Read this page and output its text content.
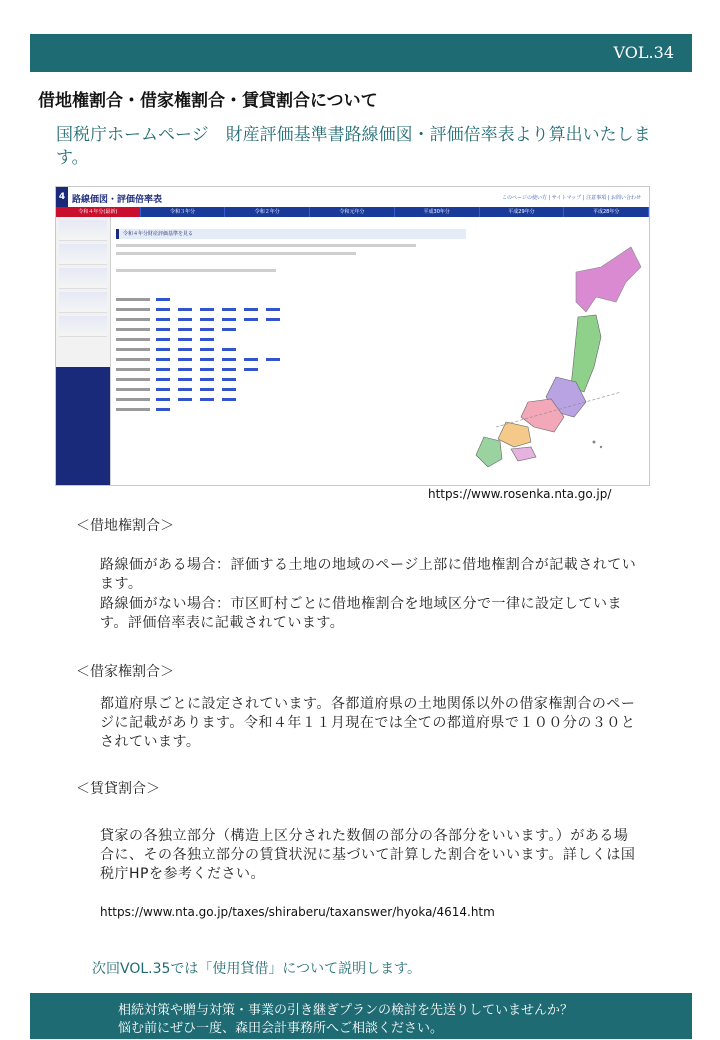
VOL.34
借地権割合・借家権割合・賃貸割合について
国税庁ホームページ　財産評価基準書路線価図・評価倍率表より算出いたします。
4 路線価図・評価倍率表	このページの使い方 | サイトマップ | 注意事項 | お問い合わせ
令和４年分(最新)	令和３年分	令和２年分	令和元年分	平成30年分	平成29年分	平成28年分
令和４年分財産評価基準を見る
https://www.rosenka.nta.go.jp/
＜借地権割合＞
路線価がある場合：評価する土地の地域のページ上部に借地権割合が記載されています。
路線価がない場合：市区町村ごとに借地権割合を地域区分で一律に設定しています。評価倍率表に記載されています。
＜借家権割合＞
都道府県ごとに設定されています。各都道府県の土地関係以外の借家権割合のページに記載があります。令和４年１１月現在では全ての都道府県で１００分の３０とされています。
＜賃貸割合＞
貸家の各独立部分（構造上区分された数個の部分の各部分をいいます。）がある場合に、その各独立部分の賃貸状況に基づいて計算した割合をいいます。詳しくは国税庁HPを参考ください。
https://www.nta.go.jp/taxes/shiraberu/taxanswer/hyoka/4614.htm
次回VOL.35では「使用貸借」について説明します。
相続対策や贈与対策・事業の引き継ぎプランの検討を先送りしていませんか？
悩む前にぜひ一度、森田会計事務所へご相談ください。
